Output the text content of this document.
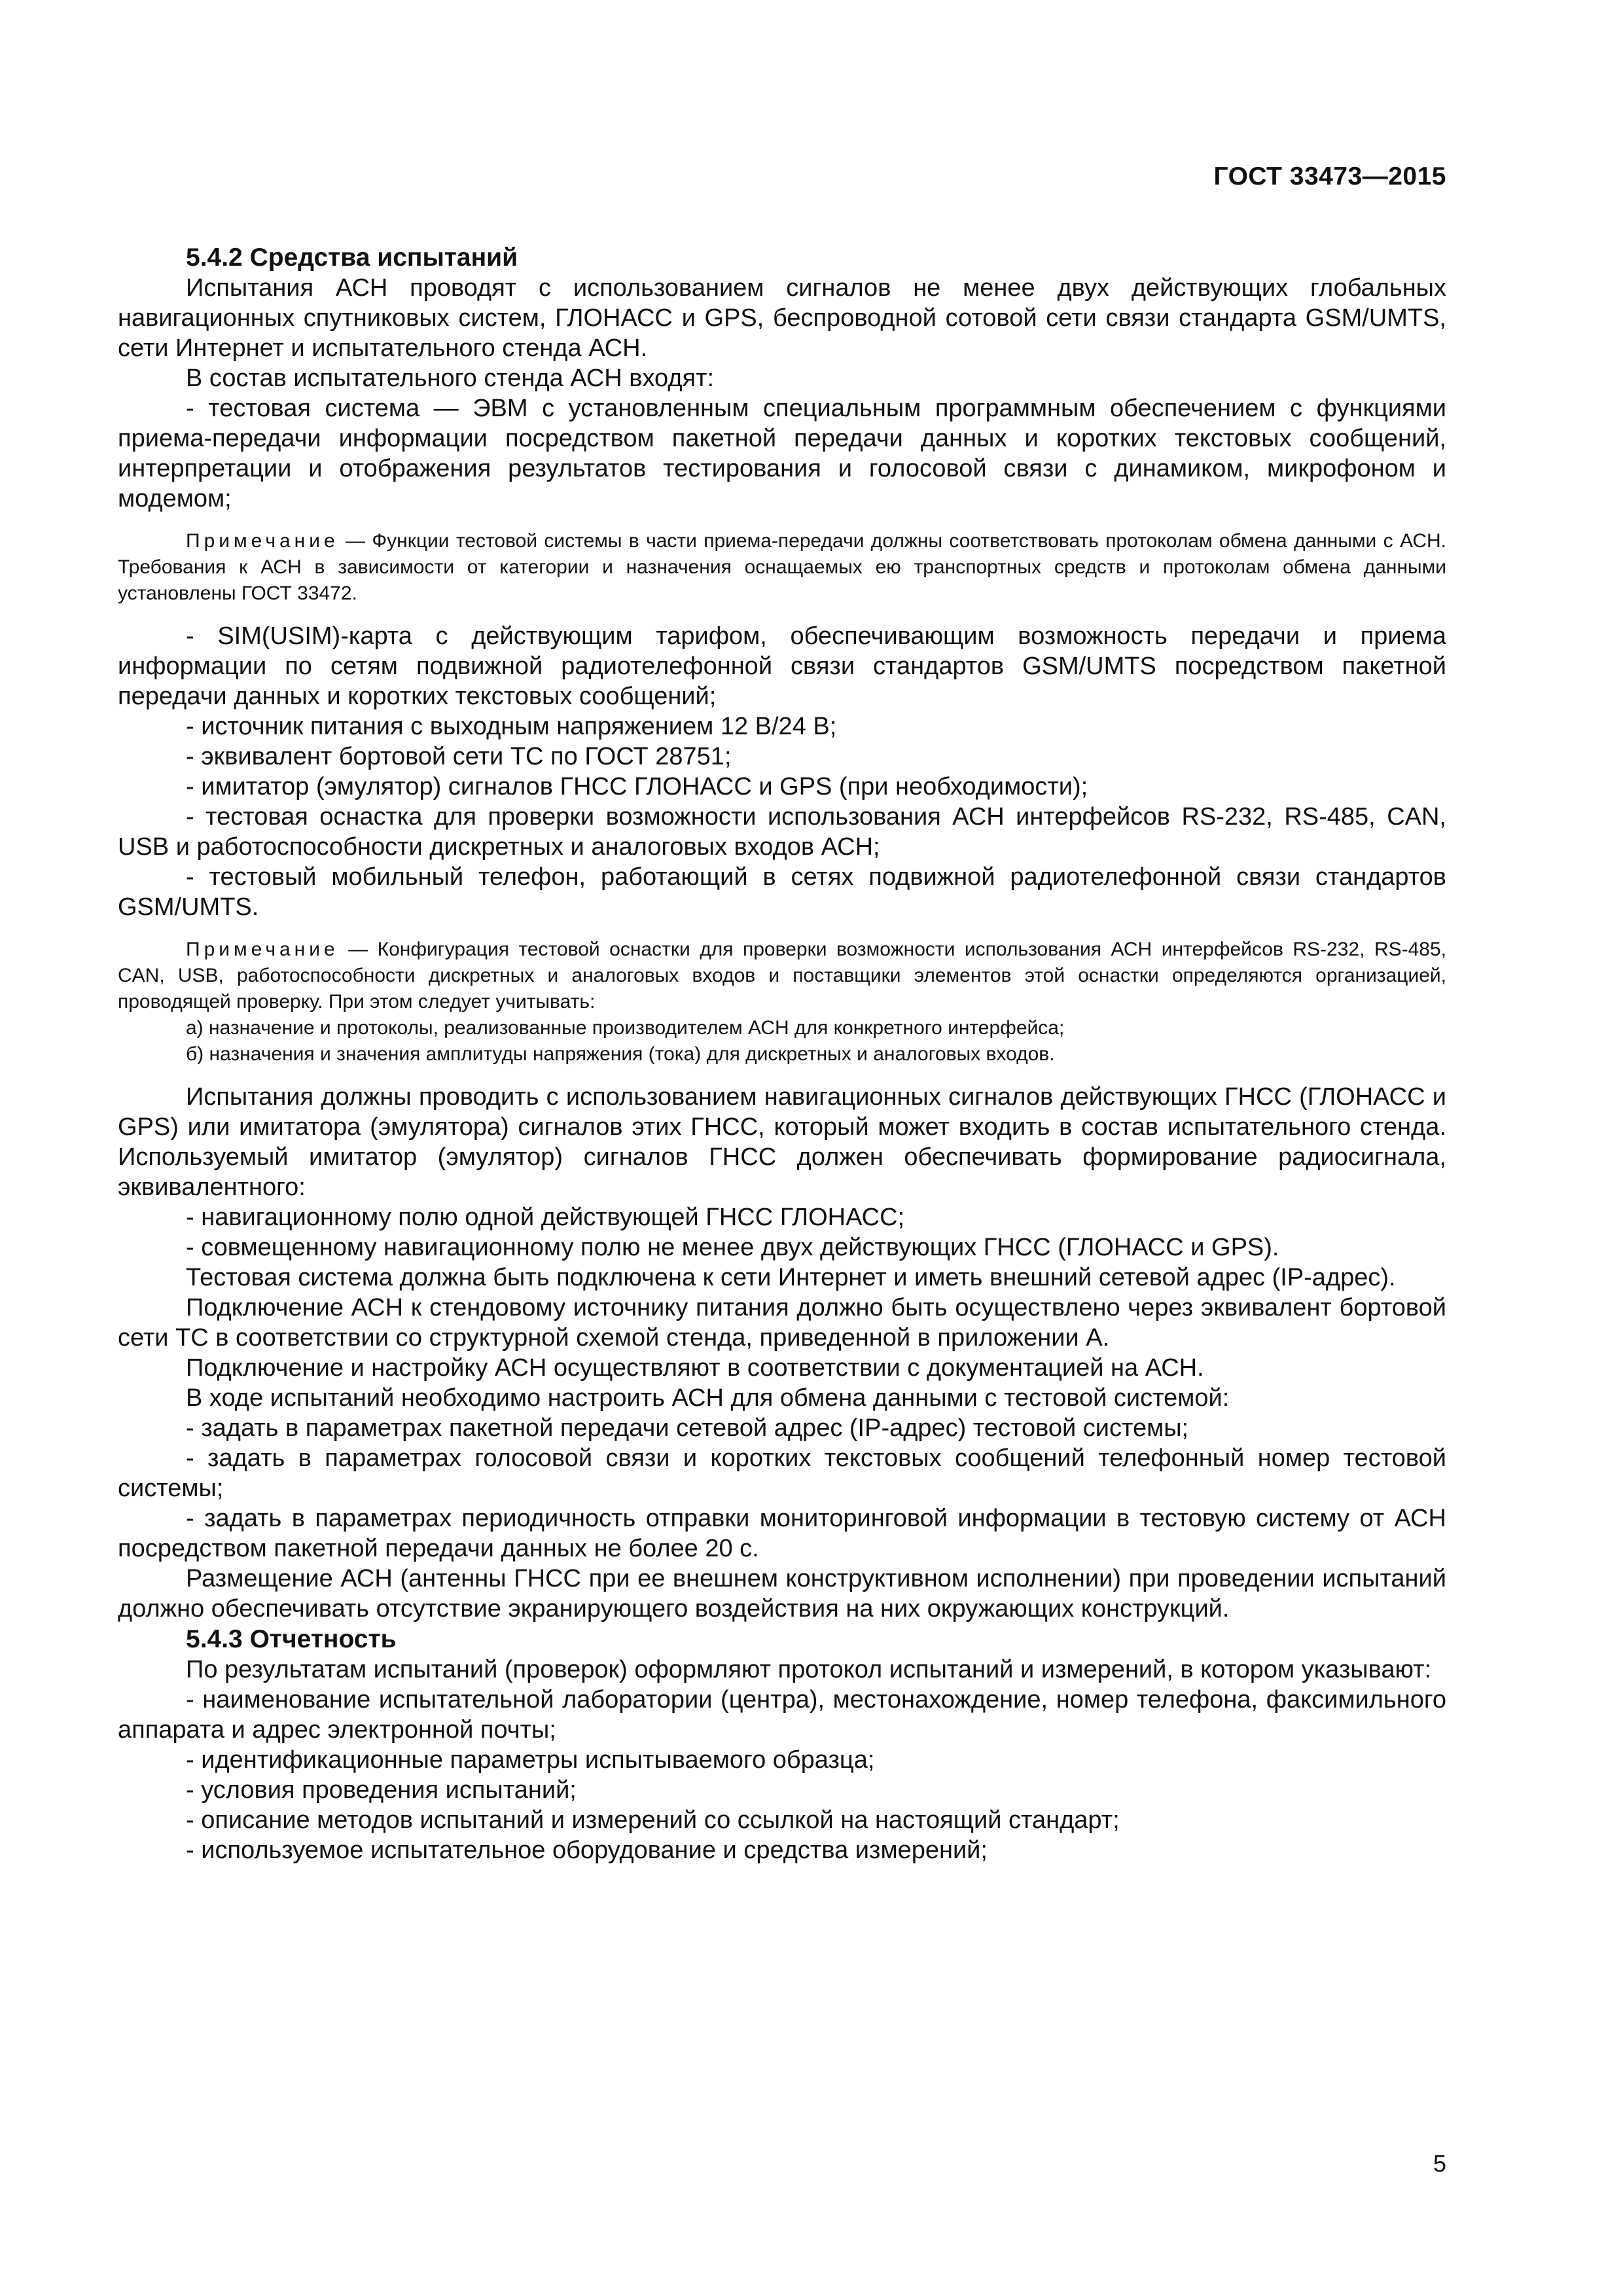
ГОСТ 33473—2015

5.4.2 Средства испытаний

Испытания АСН проводят с использованием сигналов не менее двух действующих глобальных навигационных спутниковых систем, ГЛОНАСС и GPS, беспроводной сотовой сети связи стандарта GSM/UMTS, сети Интернет и испытательного стенда АСН.

В состав испытательного стенда АСН входят:

- тестовая система — ЭВМ с установленным специальным программным обеспечением с функциями приема-передачи информации посредством пакетной передачи данных и коротких текстовых сообщений, интерпретации и отображения результатов тестирования и голосовой связи с динамиком, микрофоном и модемом;

Примечание — Функции тестовой системы в части приема-передачи должны соответствовать протоколам обмена данными с АСН. Требования к АСН в зависимости от категории и назначения оснащаемых ею транспортных средств и протоколам обмена данными установлены ГОСТ 33472.

- SIM(USIM)-карта с действующим тарифом, обеспечивающим возможность передачи и приема информации по сетям подвижной радиотелефонной связи стандартов GSM/UMTS посредством пакетной передачи данных и коротких текстовых сообщений;

- источник питания с выходным напряжением 12 В/24 В;

- эквивалент бортовой сети ТС по ГОСТ 28751;

- имитатор (эмулятор) сигналов ГНСС ГЛОНАСС и GPS (при необходимости);

- тестовая оснастка для проверки возможности использования АСН интерфейсов RS-232, RS-485, CAN, USB и работоспособности дискретных и аналоговых входов АСН;

- тестовый мобильный телефон, работающий в сетях подвижной радиотелефонной связи стандартов GSM/UMTS.

Примечание — Конфигурация тестовой оснастки для проверки возможности использования АСН интерфейсов RS-232, RS-485, CAN, USB, работоспособности дискретных и аналоговых входов и поставщики элементов этой оснастки определяются организацией, проводящей проверку. При этом следует учитывать:

а) назначение и протоколы, реализованные производителем АСН для конкретного интерфейса;

б) назначения и значения амплитуды напряжения (тока) для дискретных и аналоговых входов.

Испытания должны проводить с использованием навигационных сигналов действующих ГНСС (ГЛОНАСС и GPS) или имитатора (эмулятора) сигналов этих ГНСС, который может входить в состав испытательного стенда. Используемый имитатор (эмулятор) сигналов ГНСС должен обеспечивать формирование радиосигнала, эквивалентного:

- навигационному полю одной действующей ГНСС ГЛОНАСС;

- совмещенному навигационному полю не менее двух действующих ГНСС (ГЛОНАСС и GPS).

Тестовая система должна быть подключена к сети Интернет и иметь внешний сетевой адрес (IP-адрес).

Подключение АСН к стендовому источнику питания должно быть осуществлено через эквивалент бортовой сети ТС в соответствии со структурной схемой стенда, приведенной в приложении А.

Подключение и настройку АСН осуществляют в соответствии с документацией на АСН.

В ходе испытаний необходимо настроить АСН для обмена данными с тестовой системой:

- задать в параметрах пакетной передачи сетевой адрес (IP-адрес) тестовой системы;

- задать в параметрах голосовой связи и коротких текстовых сообщений телефонный номер тестовой системы;

- задать в параметрах периодичность отправки мониторинговой информации в тестовую систему от АСН посредством пакетной передачи данных не более 20 с.

Размещение АСН (антенны ГНСС при ее внешнем конструктивном исполнении) при проведении испытаний должно обеспечивать отсутствие экранирующего воздействия на них окружающих конструкций.

5.4.3 Отчетность

По результатам испытаний (проверок) оформляют протокол испытаний и измерений, в котором указывают:

- наименование испытательной лаборатории (центра), местонахождение, номер телефона, факсимильного аппарата и адрес электронной почты;

- идентификационные параметры испытываемого образца;

- условия проведения испытаний;

- описание методов испытаний и измерений со ссылкой на настоящий стандарт;

- используемое испытательное оборудование и средства измерений;

5
